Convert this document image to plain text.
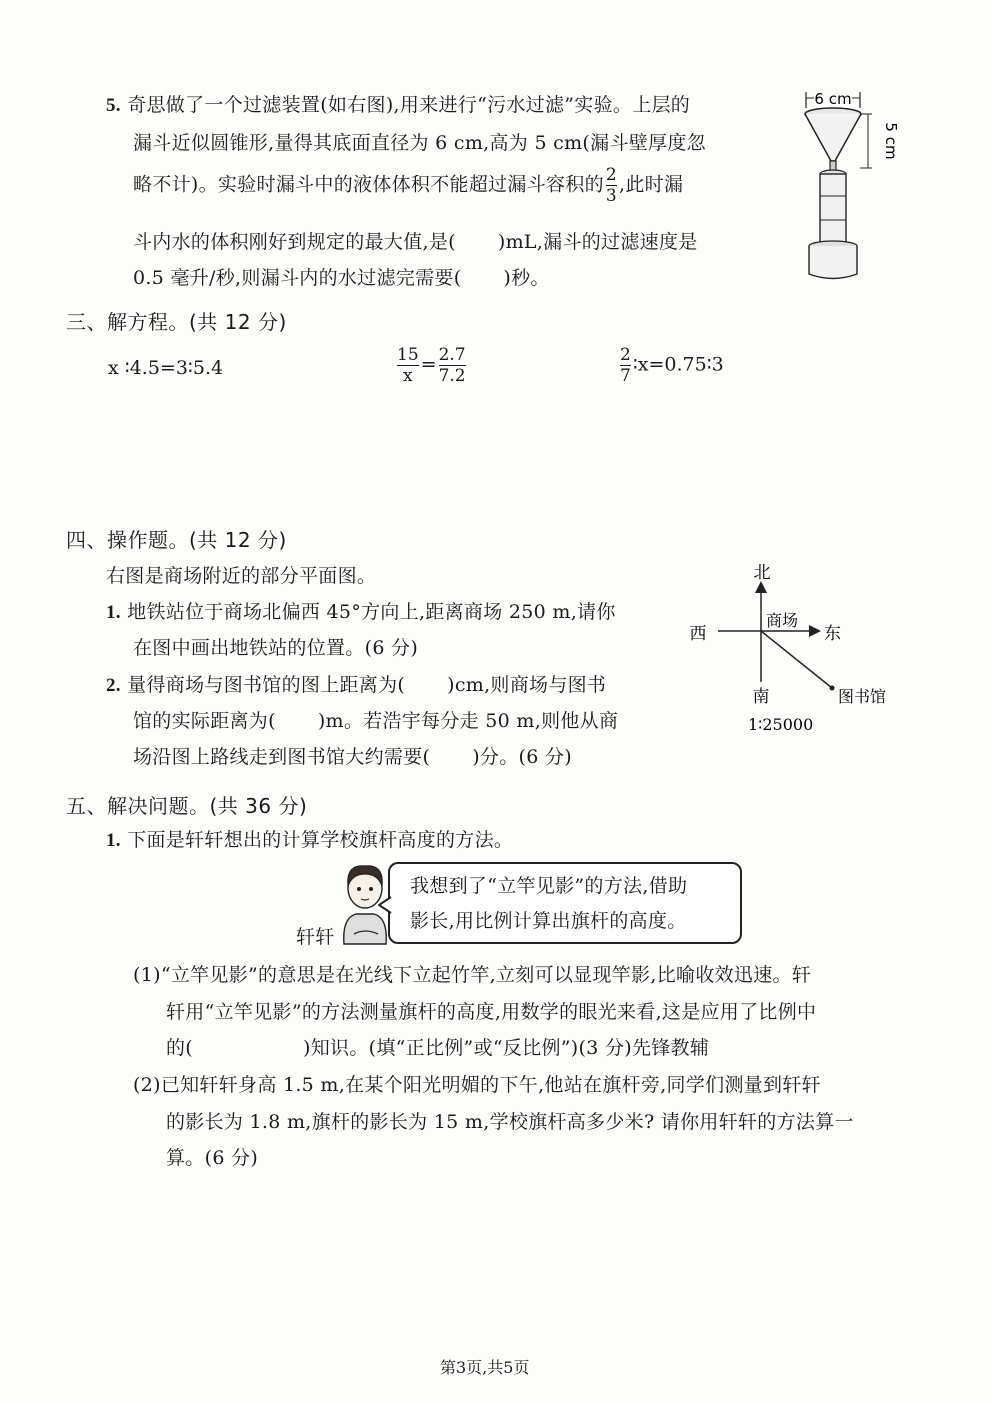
5. 奇思做了一个过滤装置(如右图),用来进行“污水过滤”实验。上层的
漏斗近似圆锥形,量得其底面直径为 6 cm,高为 5 cm(漏斗壁厚度忽
略不计)。实验时漏斗中的液体体积不能超过漏斗容积的 $\frac{2}{3}$ ,此时漏
斗内水的体积刚好到规定的最大值,是( )mL,漏斗的过滤速度是
0.5 毫升/秒,则漏斗内的水过滤完需要( )秒。
6 cm
5 cm
三、解方程。(共 12 分)
x ∶4.5=3∶5.4	$\frac{15}{x} = \frac{2.7}{7.2}$	$\frac{2}{7}$ ∶x=0.75∶3
四、操作题。(共 12 分)
右图是商场附近的部分平面图。
1. 地铁站位于商场北偏西 45°方向上,距离商场 250 m,请你
在图中画出地铁站的位置。(6 分)
2. 量得商场与图书馆的图上距离为( )cm,则商场与图书
馆的实际距离为( )m。若浩宇每分走 50 m,则他从商
场沿图上路线走到图书馆大约需要( )分。(6 分)
北
西	东
商场
图书馆
南
1∶25000
五、解决问题。(共 36 分)
1. 下面是轩轩想出的计算学校旗杆高度的方法。
轩轩
我想到了“立竿见影”的方法,借助
影长,用比例计算出旗杆的高度。
(1)“立竿见影”的意思是在光线下立起竹竿,立刻可以显现竿影,比喻收效迅速。轩
轩用“立竿见影”的方法测量旗杆的高度,用数学的眼光来看,这是应用了比例中
的(	)知识。(填“正比例”或“反比例”)(3 分)先锋教辅
(2)已知轩轩身高 1.5 m,在某个阳光明媚的下午,他站在旗杆旁,同学们测量到轩轩
的影长为 1.8 m,旗杆的影长为 15 m,学校旗杆高多少米? 请你用轩轩的方法算一
算。(6 分)
第3页,共5页
